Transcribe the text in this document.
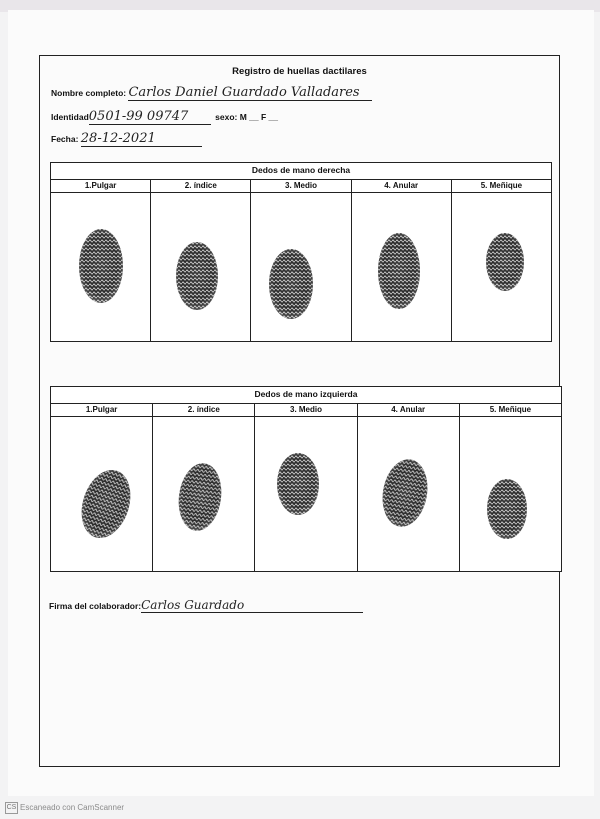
Registro de huellas dactilares
Nombre completo: Carlos Daniel Guardado Valladares
Identidad0501-99 09747	sexo: M __ F __
Fecha: 28-12-2021
Dedos de mano derecha
1.Pulgar	2. índice	3. Medio	4. Anular	5. Meñique
Dedos de mano izquierda
1.Pulgar	2. índice	3. Medio	4. Anular	5. Meñique
Firma del colaborador:Carlos Guardado
CS Escaneado con CamScanner
